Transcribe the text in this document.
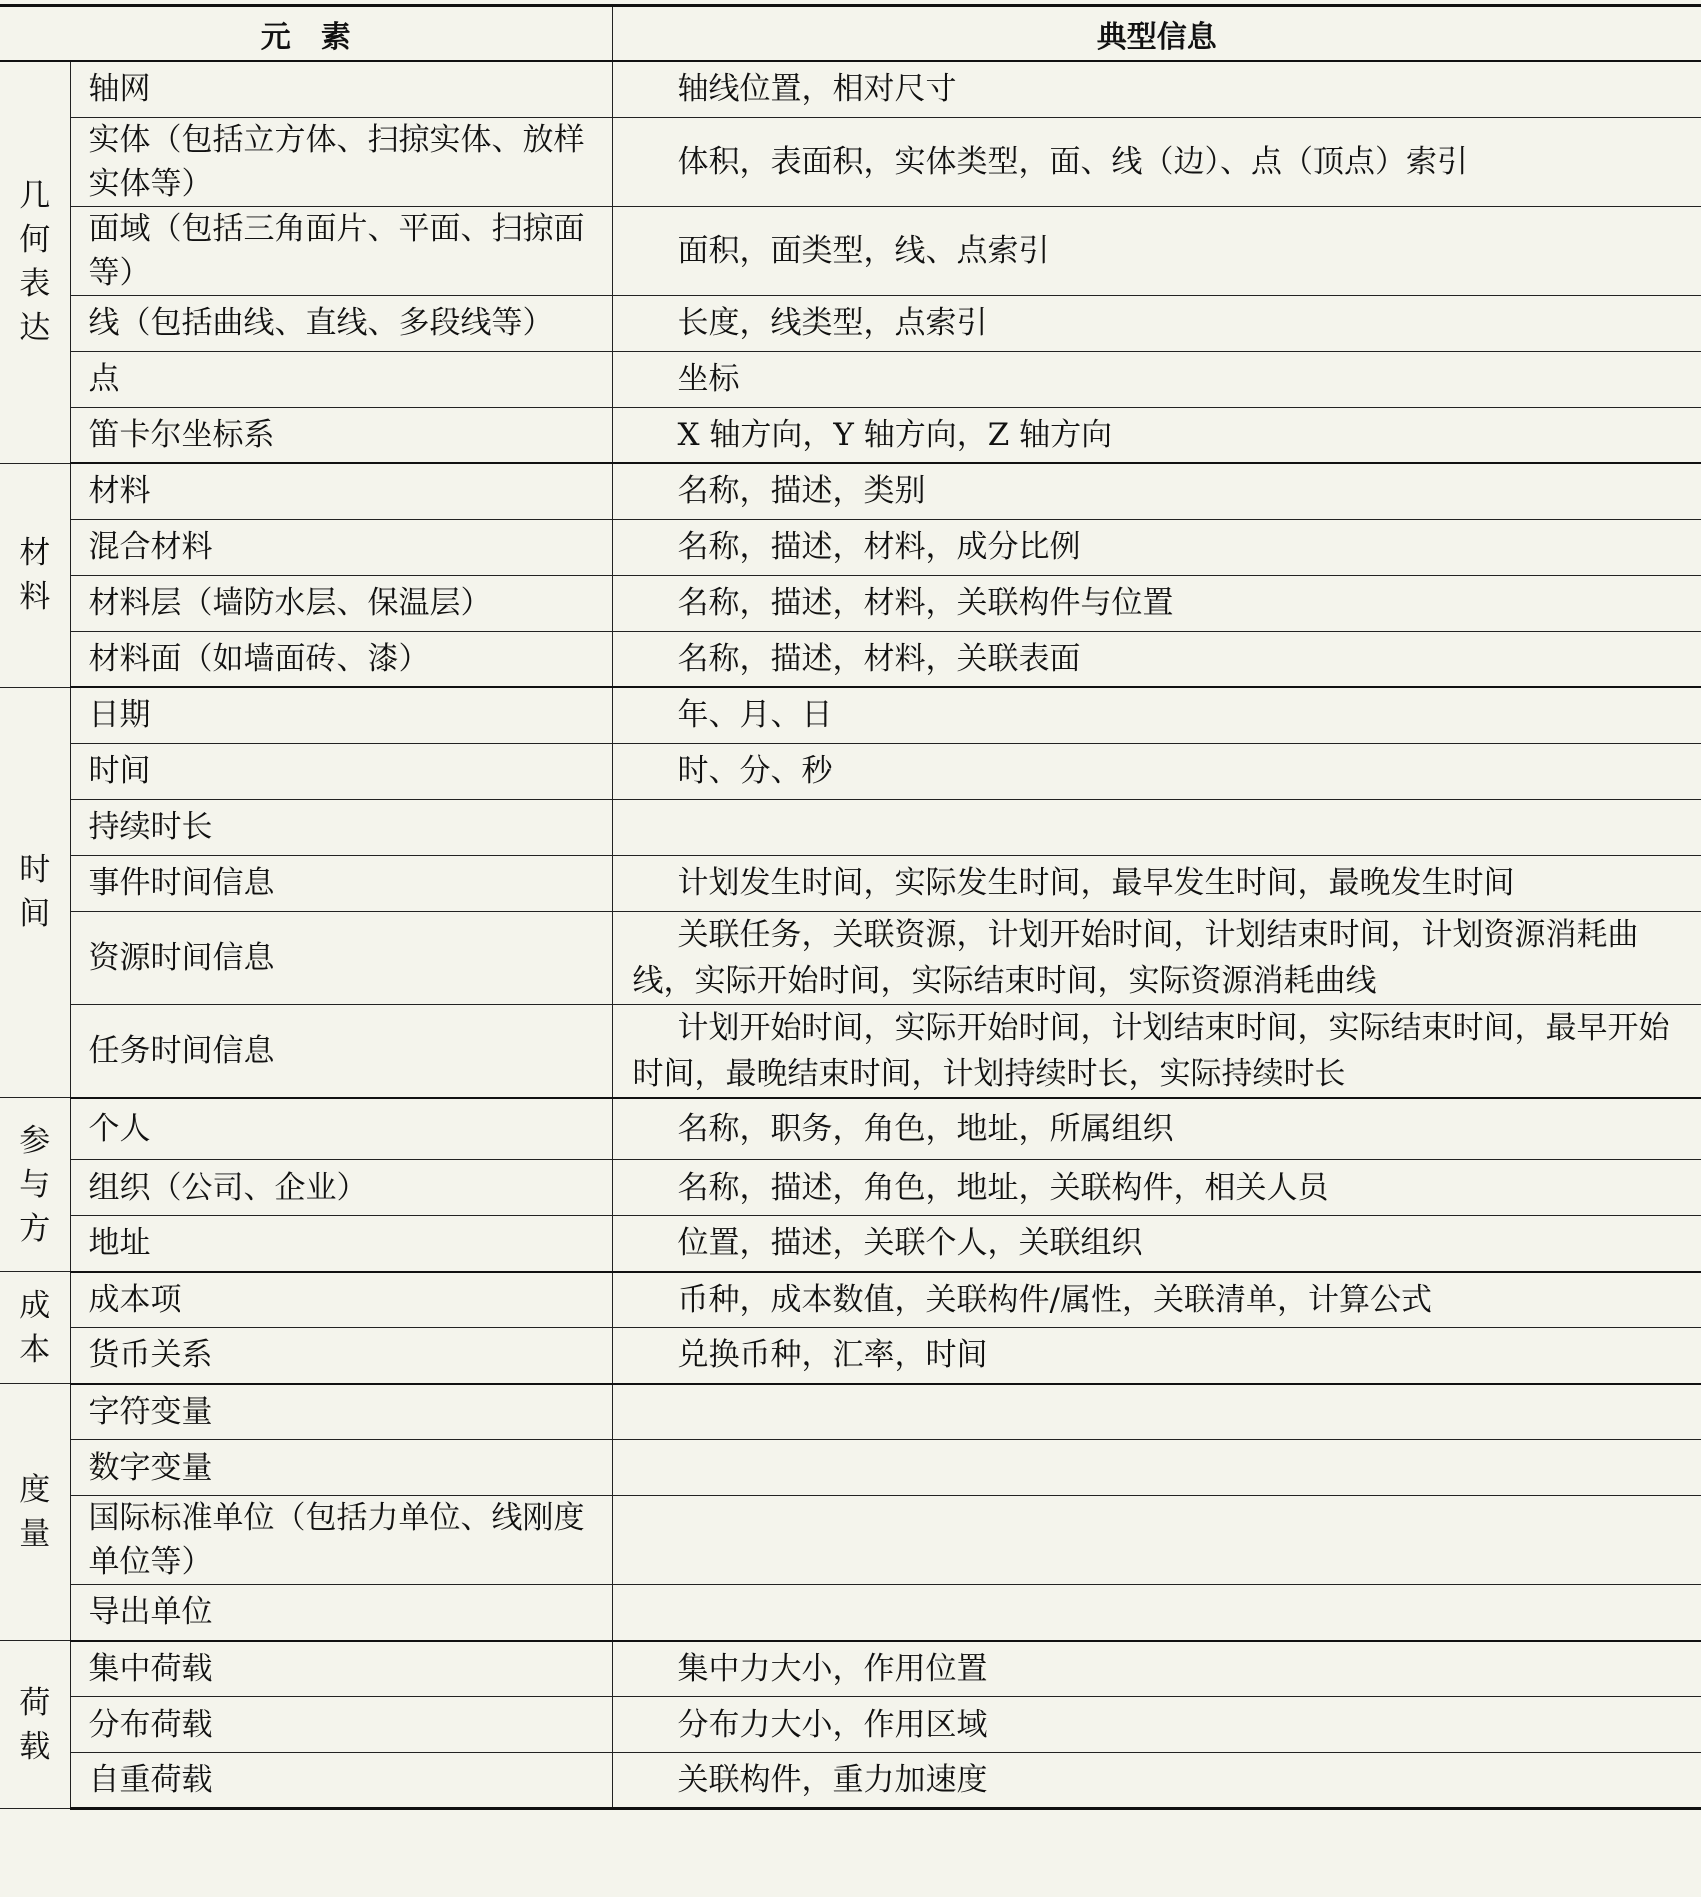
元　素		典型信息
几何表达	轴网	轴线位置，相对尺寸

	实体（包括立方体、扫掠实体、放样实体等）	体积，表面积，实体类型，面、线（边）、点（顶点）索引

	面域（包括三角面片、平面、扫掠面等）	面积，面类型，线、点索引

	线（包括曲线、直线、多段线等）	长度，线类型，点索引

	点	坐标

	笛卡尔坐标系	X 轴方向，Y 轴方向，Z 轴方向

材料	材料	名称，描述，类别

	混合材料	名称，描述，材料，成分比例

	材料层（墙防水层、保温层）	名称，描述，材料，关联构件与位置

	材料面（如墙面砖、漆）	名称，描述，材料，关联表面

时间	日期	年、月、日

	时间	时、分、秒

	持续时长	

	事件时间信息	计划发生时间，实际发生时间，最早发生时间，最晚发生时间

	资源时间信息	关联任务，关联资源，计划开始时间，计划结束时间，计划资源消耗曲线，实际开始时间，实际结束时间，实际资源消耗曲线

	任务时间信息	计划开始时间，实际开始时间，计划结束时间，实际结束时间，最早开始时间，最晚结束时间，计划持续时长，实际持续时长

参与方	个人	名称，职务，角色，地址，所属组织

	组织（公司、企业）	名称，描述，角色，地址，关联构件，相关人员

	地址	位置，描述，关联个人，关联组织

成本	成本项	币种，成本数值，关联构件/属性，关联清单，计算公式

	货币关系	兑换币种，汇率，时间

度量	字符变量	

	数字变量	

	国际标准单位（包括力单位、线刚度单位等）	

	导出单位	

荷载	集中荷载	集中力大小，作用位置

	分布荷载	分布力大小，作用区域

	自重荷载	关联构件，重力加速度
